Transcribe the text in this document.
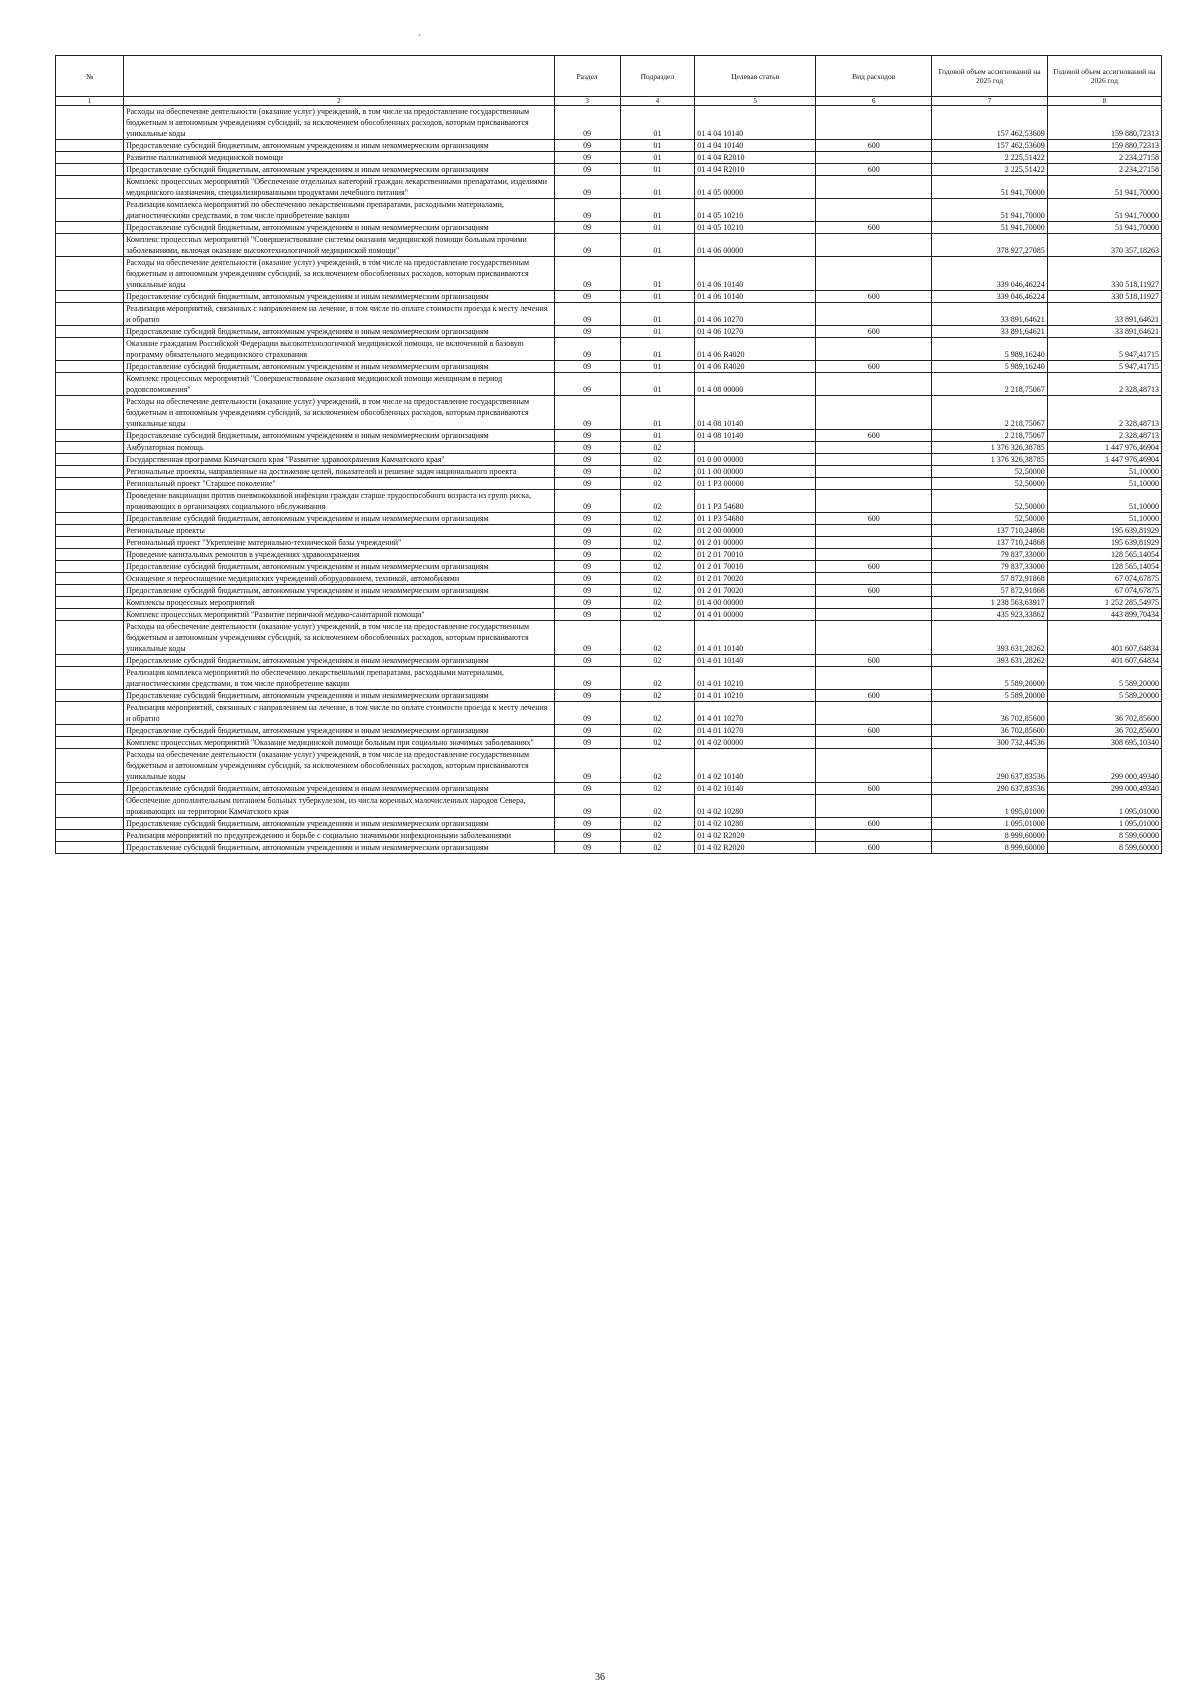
`
№		Раздел	Подраздел	Целевая статья	Вид расходов	Годовой объем ассигнований на 2025 год	Годовой объем ассигнований на 2026 год
1	2	3	4	5	6	7	8
	Расходы на обеспечение деятельности (оказание услуг) учреждений, в том числе на предоставление государственным бюджетным и автономным учреждениям субсидий, за исключением обособленных расходов, которым присваиваются уникальные коды	09	01	01 4 04 10140		157 462,53609	159 880,72313
	Предоставление субсидий бюджетным, автономным учреждениям и иным некоммерческим организациям	09	01	01 4 04 10140	600	157 462,53609	159 880,72313
	Развитие паллиативной медицинской помощи	09	01	01 4 04 R2010		2 225,51422	2 234,27158
	Предоставление субсидий бюджетным, автономным учреждениям и иным некоммерческим организациям	09	01	01 4 04 R2010	600	2 225,51422	2 234,27158
	Комплекс процессных мероприятий "Обеспечение отдельных категорий граждан лекарственными препаратами, изделиями медицинского назначения, специализированными продуктами лечебного питания"	09	01	01 4 05 00000		51 941,70000	51 941,70000
	Реализация комплекса мероприятий по обеспечению лекарственными препаратами, расходными материалами, диагностическими средствами, в том числе приобретение вакцин	09	01	01 4 05 10210		51 941,70000	51 941,70000
	Предоставление субсидий бюджетным, автономным учреждениям и иным некоммерческим организациям	09	01	01 4 05 10210	600	51 941,70000	51 941,70000
	Комплекс процессных мероприятий "Совершенствование системы оказания медицинской помощи больным прочими заболеваниями, включая оказание высокотехнологичной медицинской помощи"	09	01	01 4 06 00000		378 927,27085	370 357,18263
	Расходы на обеспечение деятельности (оказание услуг) учреждений, в том числе на предоставление государственным бюджетным и автономным учреждениям субсидий, за исключением обособленных расходов, которым присваиваются уникальные коды	09	01	01 4 06 10140		339 046,46224	330 518,11927
	Предоставление субсидий бюджетным, автономным учреждениям и иным некоммерческим организациям	09	01	01 4 06 10140	600	339 046,46224	330 518,11927
	Реализация мероприятий, связанных с направлением на лечение, в том числе по оплате стоимости проезда к месту лечения и обратно	09	01	01 4 06 10270		33 891,64621	33 891,64621
	Предоставление субсидий бюджетным, автономным учреждениям и иным некоммерческим организациям	09	01	01 4 06 10270	600	33 891,64621	33 891,64621
	Оказание гражданам Российской Федерации высокотехнологичной медицинской помощи, не включенной в базовую программу обязательного медицинского страхования	09	01	01 4 06 R4020		5 989,16240	5 947,41715
	Предоставление субсидий бюджетным, автономным учреждениям и иным некоммерческим организациям	09	01	01 4 06 R4020	600	5 989,16240	5 947,41715
	Комплекс процессных мероприятий "Совершенствование оказания медицинской помощи женщинам в период родовспоможения"	09	01	01 4 08 00000		2 218,75067	2 328,48713
	Расходы на обеспечение деятельности (оказание услуг) учреждений, в том числе на предоставление государственным бюджетным и автономным учреждениям субсидий, за исключением обособленных расходов, которым присваиваются уникальные коды	09	01	01 4 08 10140		2 218,75067	2 328,48713
	Предоставление субсидий бюджетным, автономным учреждениям и иным некоммерческим организациям	09	01	01 4 08 10140	600	2 218,75067	2 328,48713
	Амбулаторная помощь	09	02			1 376 326,38785	1 447 976,46904
	Государственная программа Камчатского края "Развитие здравоохранения Камчатского края"	09	02	01 0 00 00000		1 376 326,38785	1 447 976,46904
	Региональные проекты, направленные на достижение целей, показателей и решение задач национального проекта	09	02	01 1 00 00000		52,50000	51,10000
	Региональный проект "Старшее поколение"	09	02	01 1 P3 00000		52,50000	51,10000
	Проведение вакцинации против пневмококковой инфекции граждан старше трудоспособного возраста из групп риска, проживающих в организациях социального обслуживания	09	02	01 1 P3 54680		52,50000	51,10000
	Предоставление субсидий бюджетным, автономным учреждениям и иным некоммерческим организациям	09	02	01 1 P3 54680	600	52,50000	51,10000
	Региональные проекты	09	02	01 2 00 00000		137 710,24868	195 639,81929
	Региональный проект "Укрепление материально-технической базы учреждений"	09	02	01 2 01 00000		137 710,24868	195 639,81929
	Проведение капитальных ремонтов в учреждениях здравоохранения	09	02	01 2 01 70010		79 837,33000	128 565,14054
	Предоставление субсидий бюджетным, автономным учреждениям и иным некоммерческим организациям	09	02	01 2 01 70010	600	79 837,33000	128 565,14054
	Оснащение и переоснащение медицинских учреждений оборудованием, техникой, автомобилями	09	02	01 2 01 70020		57 872,91868	67 074,67875
	Предоставление субсидий бюджетным, автономным учреждениям и иным некоммерческим организациям	09	02	01 2 01 70020	600	57 872,91868	67 074,67875
	Комплексы процессных мероприятий	09	02	01 4 00 00000		1 238 563,63917	1 252 285,54975
	Комплекс процессных мероприятий "Развитие первичной медико-санитарной помощи"	09	02	01 4 01 00000		435 923,33862	443 899,70434
	Расходы на обеспечение деятельности (оказание услуг) учреждений, в том числе на предоставление государственным бюджетным и автономным учреждениям субсидий, за исключением обособленных расходов, которым присваиваются уникальные коды	09	02	01 4 01 10140		393 631,28262	401 607,64834
	Предоставление субсидий бюджетным, автономным учреждениям и иным некоммерческим организациям	09	02	01 4 01 10140	600	393 631,28262	401 607,64834
	Реализация комплекса мероприятий по обеспечению лекарственными препаратами, расходными материалами, диагностическими средствами, в том числе приобретение вакцин	09	02	01 4 01 10210		5 589,20000	5 589,20000
	Предоставление субсидий бюджетным, автономным учреждениям и иным некоммерческим организациям	09	02	01 4 01 10210	600	5 589,20000	5 589,20000
	Реализация мероприятий, связанных с направлением на лечение, в том числе по оплате стоимости проезда к месту лечения и обратно	09	02	01 4 01 10270		36 702,85600	36 702,85600
	Предоставление субсидий бюджетным, автономным учреждениям и иным некоммерческим организациям	09	02	01 4 01 10270	600	36 702,85600	36 702,85600
	Комплекс процессных мероприятий "Оказание медицинской помощи больным при социально значимых заболеваниях"	09	02	01 4 02 00000		300 732,44536	308 695,10340
	Расходы на обеспечение деятельности (оказание услуг) учреждений, в том числе на предоставление государственным бюджетным и автономным учреждениям субсидий, за исключением обособленных расходов, которым присваиваются уникальные коды	09	02	01 4 02 10140		290 637,83536	299 000,49340
	Предоставление субсидий бюджетным, автономным учреждениям и иным некоммерческим организациям	09	02	01 4 02 10140	600	290 637,83536	299 000,49340
	Обеспечение дополнительным питанием больных туберкулезом, из числа коренных малочисленных народов Севера, проживающих на территории Камчатского края	09	02	01 4 02 10280		1 095,01000	1 095,01000
	Предоставление субсидий бюджетным, автономным учреждениям и иным некоммерческим организациям	09	02	01 4 02 10280	600	1 095,01000	1 095,01000
	Реализация мероприятий по предупреждению и борьбе с социально значимыми инфекционными заболеваниями	09	02	01 4 02 R2020		8 999,60000	8 599,60000
	Предоставление субсидий бюджетным, автономным учреждениям и иным некоммерческим организациям	09	02	01 4 02 R2020	600	8 999,60000	8 599,60000
36
